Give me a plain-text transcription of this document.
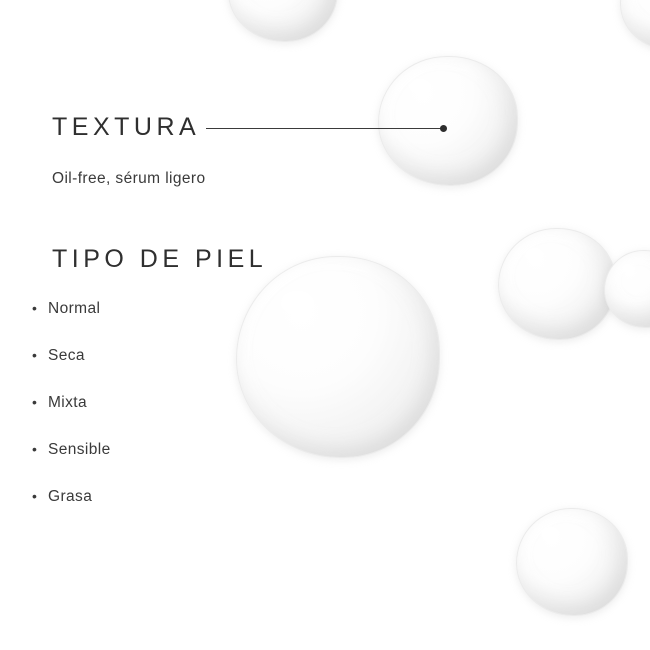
TEXTURA
Oil-free, sérum ligero
TIPO DE PIEL
• Normal
• Seca
• Mixta
• Sensible
• Grasa
